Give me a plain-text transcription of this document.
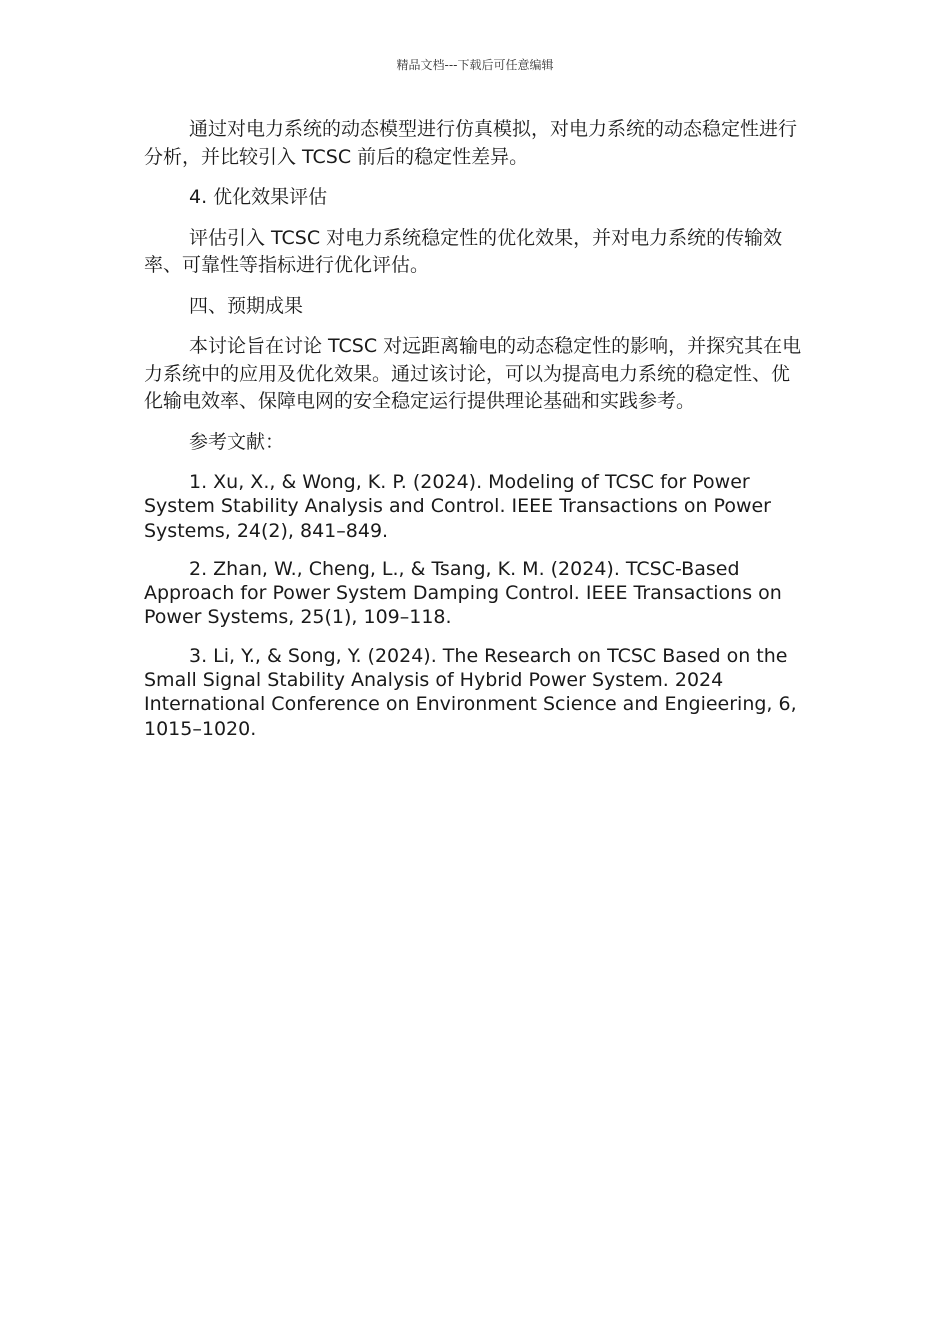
精品文档---下载后可任意编辑

通过对电力系统的动态模型进行仿真模拟，对电力系统的动态稳定性进行分析，并比较引入 TCSC 前后的稳定性差异。

4. 优化效果评估

评估引入 TCSC 对电力系统稳定性的优化效果，并对电力系统的传输效率、可靠性等指标进行优化评估。

四、预期成果

本讨论旨在讨论 TCSC 对远距离输电的动态稳定性的影响，并探究其在电力系统中的应用及优化效果。通过该讨论，可以为提高电力系统的稳定性、优化输电效率、保障电网的安全稳定运行提供理论基础和实践参考。

参考文献：

1. Xu, X., & Wong, K. P. (2024). Modeling of TCSC for Power System Stability Analysis and Control. IEEE Transactions on Power Systems, 24(2), 841–849.

2. Zhan, W., Cheng, L., & Tsang, K. M. (2024). TCSC-Based Approach for Power System Damping Control. IEEE Transactions on Power Systems, 25(1), 109–118.

3. Li, Y., & Song, Y. (2024). The Research on TCSC Based on the Small Signal Stability Analysis of Hybrid Power System. 2024 International Conference on Environment Science and Engieering, 6, 1015–1020.
